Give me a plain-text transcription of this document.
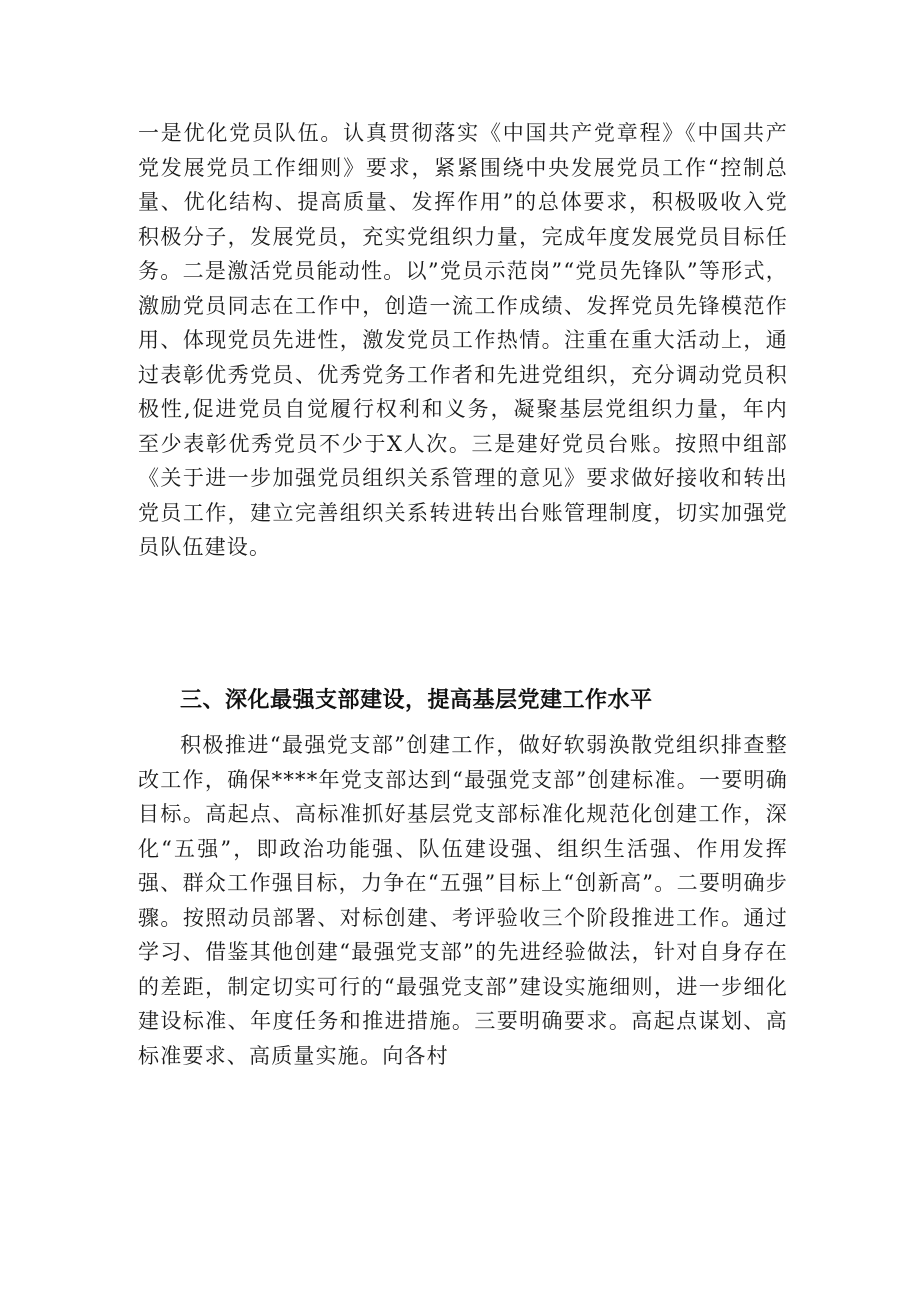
一是优化党员队伍。认真贯彻落实《中国共产党章程》《中国共产党发展党员工作细则》要求，紧紧围绕中央发展党员工作“控制总量、优化结构、提高质量、发挥作用”的总体要求，积极吸收入党积极分子，发展党员，充实党组织力量，完成年度发展党员目标任务。二是激活党员能动性。以”党员示范岗”“党员先锋队”等形式，激励党员同志在工作中，创造一流工作成绩、发挥党员先锋模范作用、体现党员先进性，激发党员工作热情。注重在重大活动上，通过表彰优秀党员、优秀党务工作者和先进党组织，充分调动党员积极性,促进党员自觉履行权利和义务，凝聚基层党组织力量，年内至少表彰优秀党员不少于X人次。三是建好党员台账。按照中组部《关于进一步加强党员组织关系管理的意见》要求做好接收和转出党员工作，建立完善组织关系转进转出台账管理制度，切实加强党员队伍建设。

三、深化最强支部建设，提高基层党建工作水平

积极推进“最强党支部”创建工作，做好软弱涣散党组织排查整改工作，确保****年党支部达到“最强党支部”创建标准。一要明确目标。高起点、高标准抓好基层党支部标准化规范化创建工作，深化“五强”，即政治功能强、队伍建设强、组织生活强、作用发挥强、群众工作强目标，力争在“五强”目标上“创新高”。二要明确步骤。按照动员部署、对标创建、考评验收三个阶段推进工作。通过学习、借鉴其他创建“最强党支部”的先进经验做法，针对自身存在的差距，制定切实可行的“最强党支部”建设实施细则，进一步细化建设标准、年度任务和推进措施。三要明确要求。高起点谋划、高标准要求、高质量实施。向各村
